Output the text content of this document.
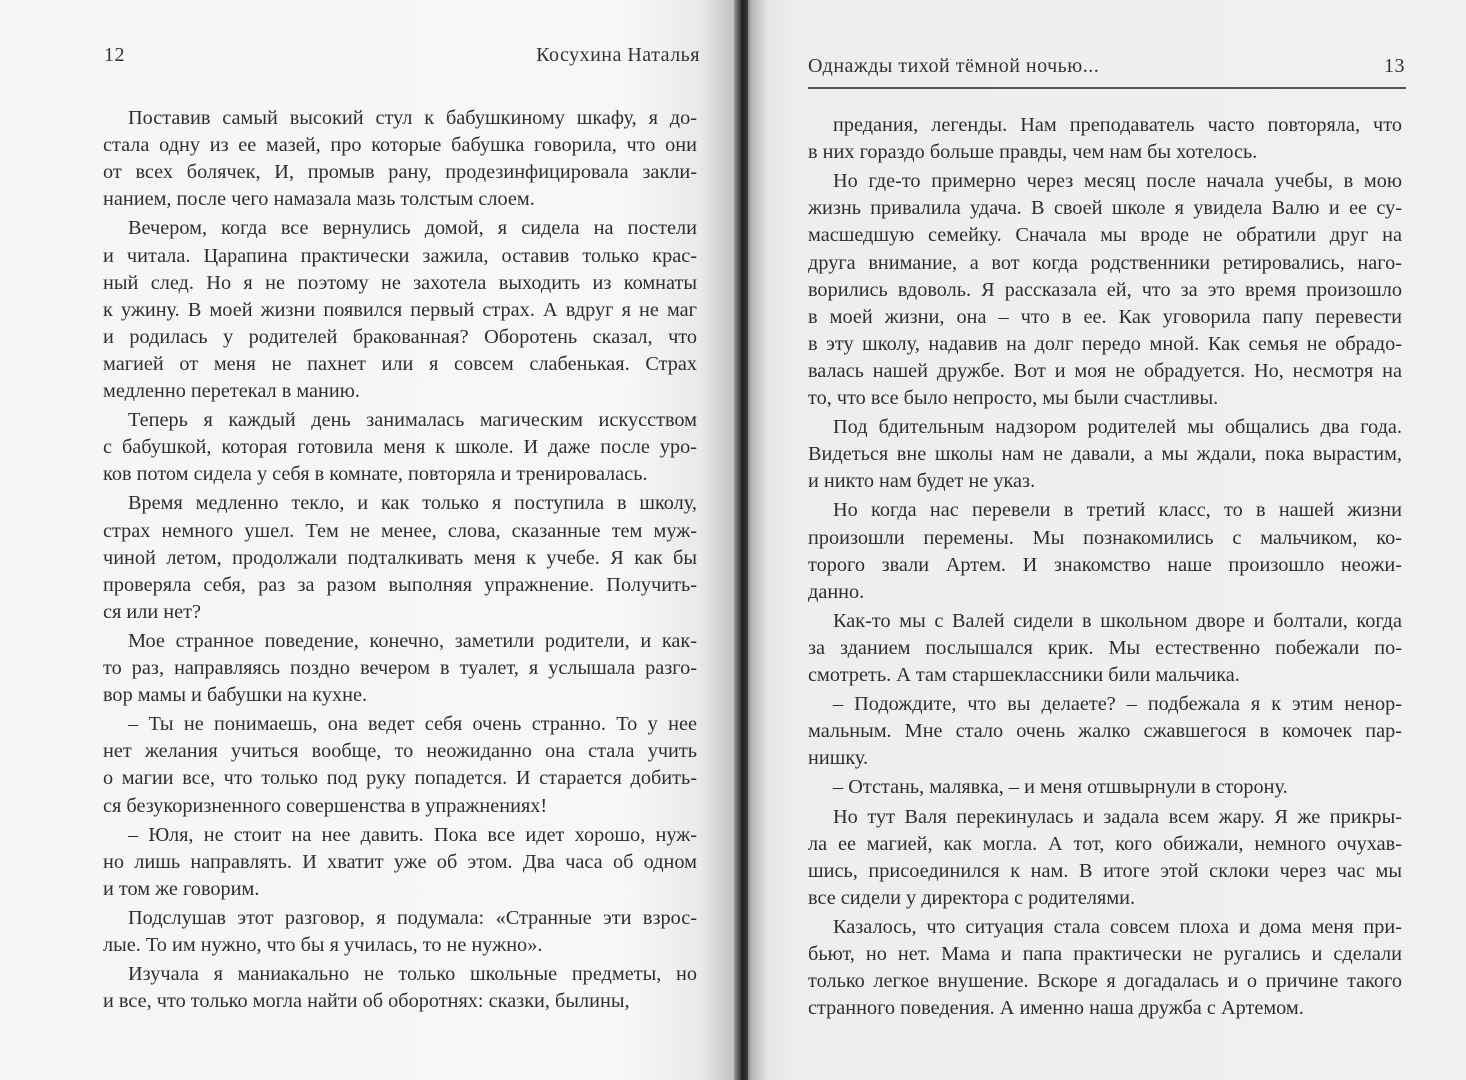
12	Косухина Наталья
Поставив самый высокий стул к бабушкиному шкафу, я до-
стала одну из ее мазей, про которые бабушка говорила, что они
от всех болячек, И, промыв рану, продезинфицировала закли-
нанием, после чего намазала мазь толстым слоем.
Вечером, когда все вернулись домой, я сидела на постели
и читала. Царапина практически зажила, оставив только крас-
ный след. Но я не поэтому не захотела выходить из комнаты
к ужину. В моей жизни появился первый страх. А вдруг я не маг
и родилась у родителей бракованная? Оборотень сказал, что
магией от меня не пахнет или я совсем слабенькая. Страх
медленно перетекал в манию.
Теперь я каждый день занималась магическим искусством
с бабушкой, которая готовила меня к школе. И даже после уро-
ков потом сидела у себя в комнате, повторяла и тренировалась.
Время медленно текло, и как только я поступила в школу,
страх немного ушел. Тем не менее, слова, сказанные тем муж-
чиной летом, продолжали подталкивать меня к учебе. Я как бы
проверяла себя, раз за разом выполняя упражнение. Получить-
ся или нет?
Мое странное поведение, конечно, заметили родители, и как-
то раз, направляясь поздно вечером в туалет, я услышала разго-
вор мамы и бабушки на кухне.
– Ты не понимаешь, она ведет себя очень странно. То у нее
нет желания учиться вообще, то неожиданно она стала учить
о магии все, что только под руку попадется. И старается добить-
ся безукоризненного совершенства в упражнениях!
– Юля, не стоит на нее давить. Пока все идет хорошо, нуж-
но лишь направлять. И хватит уже об этом. Два часа об одном
и том же говорим.
Подслушав этот разговор, я подумала: «Странные эти взрос-
лые. То им нужно, что бы я училась, то не нужно».
Изучала я маниакально не только школьные предметы, но
и все, что только могла найти об оборотнях: сказки, былины,
Однажды тихой тёмной ночью...	13
предания, легенды. Нам преподаватель часто повторяла, что
в них гораздо больше правды, чем нам бы хотелось.
Но где-то примерно через месяц после начала учебы, в мою
жизнь привалила удача. В своей школе я увидела Валю и ее су-
масшедшую семейку. Сначала мы вроде не обратили друг на
друга внимание, а вот когда родственники ретировались, наго-
ворились вдоволь. Я рассказала ей, что за это время произошло
в моей жизни, она – что в ее. Как уговорила папу перевести
в эту школу, надавив на долг передо мной. Как семья не обрадо-
валась нашей дружбе. Вот и моя не обрадуется. Но, несмотря на
то, что все было непросто, мы были счастливы.
Под бдительным надзором родителей мы общались два года.
Видеться вне школы нам не давали, а мы ждали, пока вырастим,
и никто нам будет не указ.
Но когда нас перевели в третий класс, то в нашей жизни
произошли перемены. Мы познакомились с мальчиком, ко-
торого звали Артем. И знакомство наше произошло неожи-
данно.
Как-то мы с Валей сидели в школьном дворе и болтали, когда
за зданием послышался крик. Мы естественно побежали по-
смотреть. А там старшеклассники били мальчика.
– Подождите, что вы делаете? – подбежала я к этим ненор-
мальным. Мне стало очень жалко сжавшегося в комочек пар-
нишку.
– Отстань, малявка, – и меня отшвырнули в сторону.
Но тут Валя перекинулась и задала всем жару. Я же прикры-
ла ее магией, как могла. А тот, кого обижали, немного очухав-
шись, присоединился к нам. В итоге этой склоки через час мы
все сидели у директора с родителями.
Казалось, что ситуация стала совсем плоха и дома меня при-
бьют, но нет. Мама и папа практически не ругались и сделали
только легкое внушение. Вскоре я догадалась и о причине такого
странного поведения. А именно наша дружба с Артемом.
